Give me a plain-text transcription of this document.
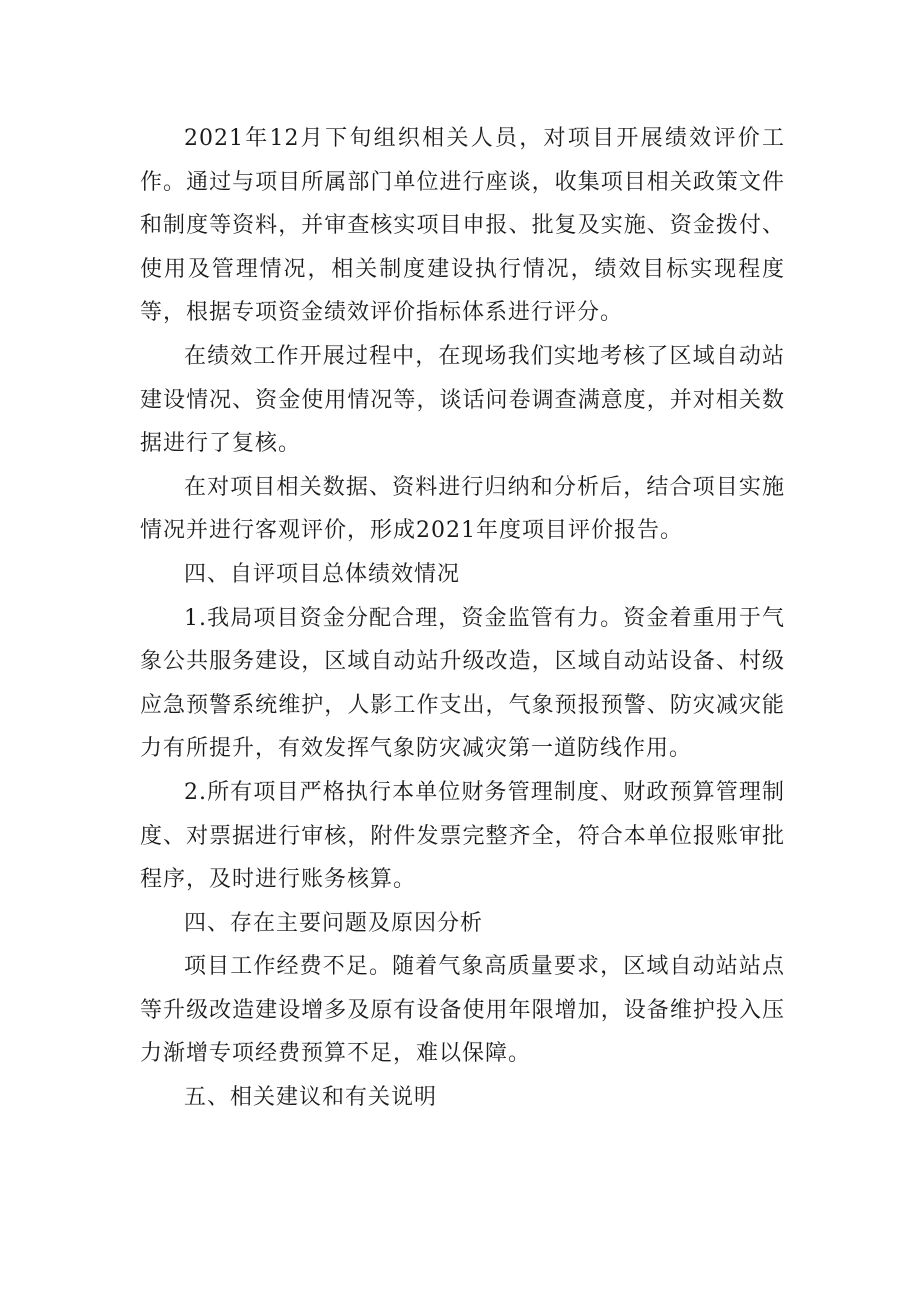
2021年12月下旬组织相关人员，对项目开展绩效评价工作。通过与项目所属部门单位进行座谈，收集项目相关政策文件和制度等资料，并审查核实项目申报、批复及实施、资金拨付、使用及管理情况，相关制度建设执行情况，绩效目标实现程度等，根据专项资金绩效评价指标体系进行评分。

在绩效工作开展过程中，在现场我们实地考核了区域自动站建设情况、资金使用情况等，谈话问卷调查满意度，并对相关数据进行了复核。

在对项目相关数据、资料进行归纳和分析后，结合项目实施情况并进行客观评价，形成2021年度项目评价报告。

四、自评项目总体绩效情况

1.我局项目资金分配合理，资金监管有力。资金着重用于气象公共服务建设，区域自动站升级改造，区域自动站设备、村级应急预警系统维护，人影工作支出，气象预报预警、防灾减灾能力有所提升，有效发挥气象防灾减灾第一道防线作用。

2.所有项目严格执行本单位财务管理制度、财政预算管理制度、对票据进行审核，附件发票完整齐全，符合本单位报账审批程序，及时进行账务核算。

四、存在主要问题及原因分析

项目工作经费不足。随着气象高质量要求，区域自动站站点等升级改造建设增多及原有设备使用年限增加，设备维护投入压力渐增专项经费预算不足，难以保障。

五、相关建议和有关说明
